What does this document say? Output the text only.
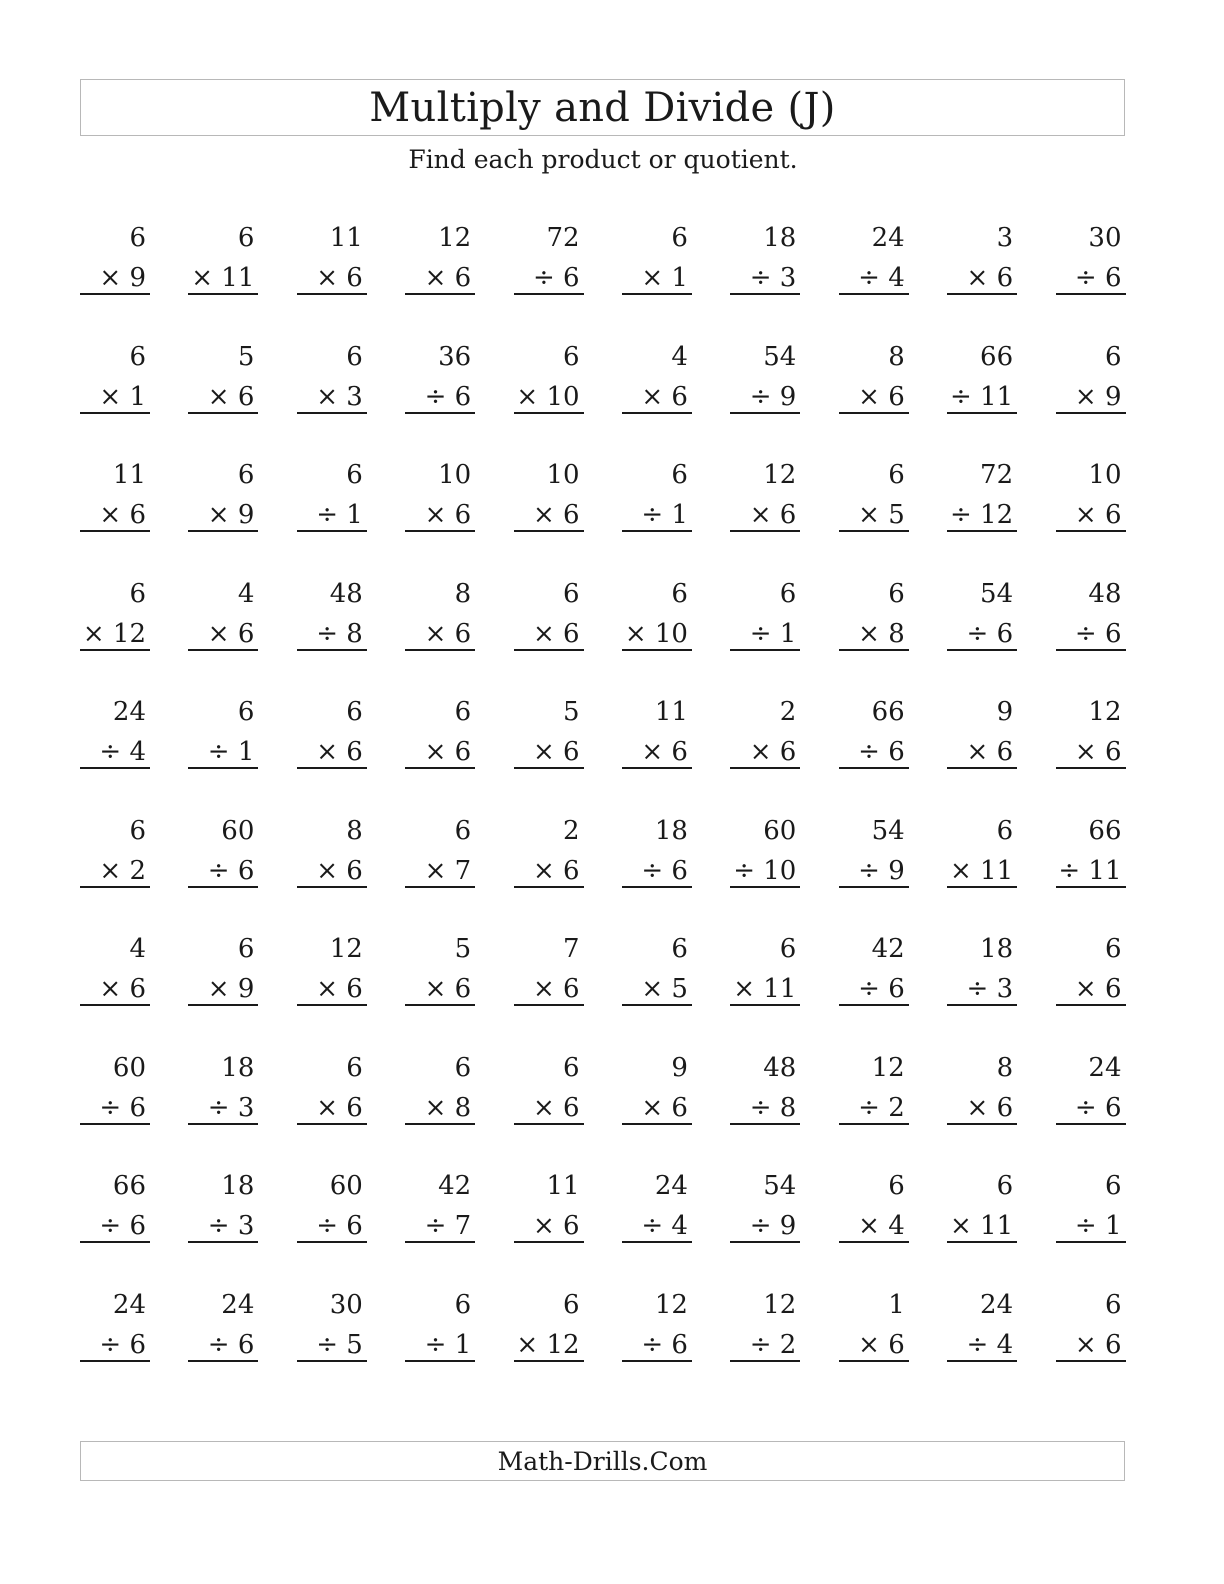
Multiply and Divide (J)
Find each product or quotient.
6
× 9
6
× 11
11
× 6
12
× 6
72
÷ 6
6
× 1
18
÷ 3
24
÷ 4
3
× 6
30
÷ 6
6
× 1
5
× 6
6
× 3
36
÷ 6
6
× 10
4
× 6
54
÷ 9
8
× 6
66
÷ 11
6
× 9
11
× 6
6
× 9
6
÷ 1
10
× 6
10
× 6
6
÷ 1
12
× 6
6
× 5
72
÷ 12
10
× 6
6
× 12
4
× 6
48
÷ 8
8
× 6
6
× 6
6
× 10
6
÷ 1
6
× 8
54
÷ 6
48
÷ 6
24
÷ 4
6
÷ 1
6
× 6
6
× 6
5
× 6
11
× 6
2
× 6
66
÷ 6
9
× 6
12
× 6
6
× 2
60
÷ 6
8
× 6
6
× 7
2
× 6
18
÷ 6
60
÷ 10
54
÷ 9
6
× 11
66
÷ 11
4
× 6
6
× 9
12
× 6
5
× 6
7
× 6
6
× 5
6
× 11
42
÷ 6
18
÷ 3
6
× 6
60
÷ 6
18
÷ 3
6
× 6
6
× 8
6
× 6
9
× 6
48
÷ 8
12
÷ 2
8
× 6
24
÷ 6
66
÷ 6
18
÷ 3
60
÷ 6
42
÷ 7
11
× 6
24
÷ 4
54
÷ 9
6
× 4
6
× 11
6
÷ 1
24
÷ 6
24
÷ 6
30
÷ 5
6
÷ 1
6
× 12
12
÷ 6
12
÷ 2
1
× 6
24
÷ 4
6
× 6
Math-Drills.Com
